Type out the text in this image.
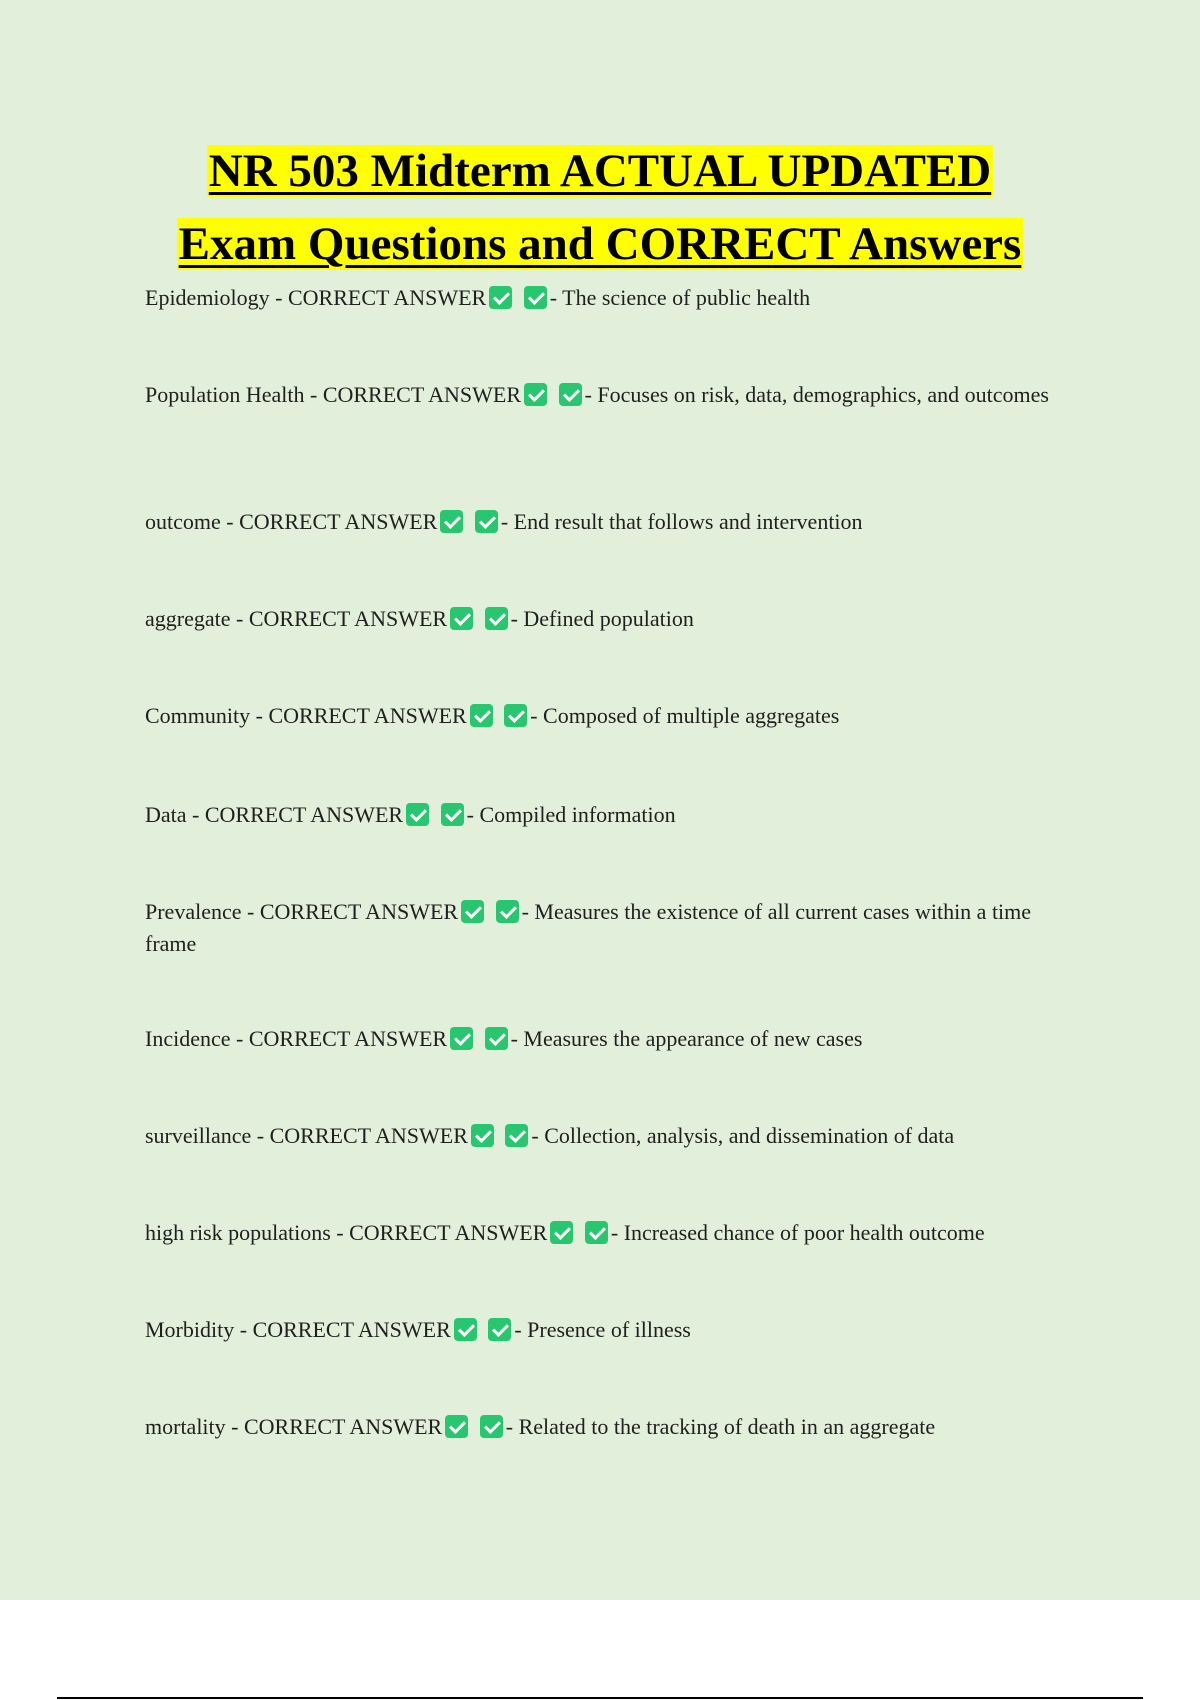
NR 503 Midterm ACTUAL UPDATED

Exam Questions and CORRECT Answers

Epidemiology - CORRECT ANSWER	- The science of public health

Population Health - CORRECT ANSWER	- Focuses on risk, data, demographics, and outcomes

outcome - CORRECT ANSWER	- End result that follows and intervention

aggregate - CORRECT ANSWER	- Defined population

Community - CORRECT ANSWER	- Composed of multiple aggregates

Data - CORRECT ANSWER	- Compiled information

Prevalence - CORRECT ANSWER	- Measures the existence of all current cases within a time frame

Incidence - CORRECT ANSWER	- Measures the appearance of new cases

surveillance - CORRECT ANSWER	- Collection, analysis, and dissemination of data

high risk populations - CORRECT ANSWER	- Increased chance of poor health outcome

Morbidity - CORRECT ANSWER	- Presence of illness

mortality - CORRECT ANSWER	- Related to the tracking of death in an aggregate
